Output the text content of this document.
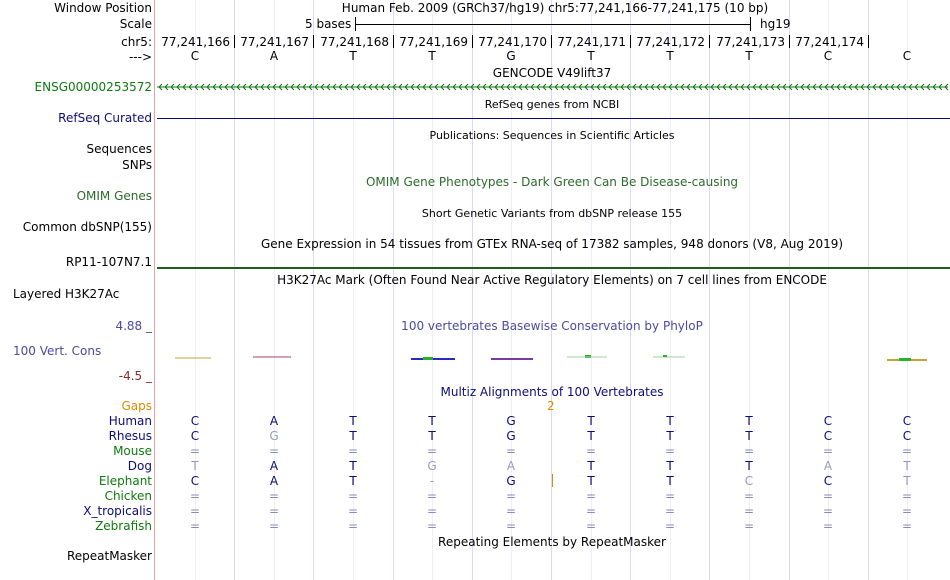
Window Position
Scale
chr5:
--->
ENSG00000253572
RefSeq Curated
Sequences
SNPs
OMIM Genes
Common dbSNP(155)
RP11-107N7.1
Layered H3K27Ac
4.88 _
100 Vert. Cons
-4.5 _
Gaps
Human
Rhesus
Mouse
Dog
Elephant
Chicken
X_tropicalis
Zebrafish
RepeatMasker
Human Feb. 2009 (GRCh37/hg19) chr5:77,241,166-77,241,175 (10 bp)
5 bases	hg19
77,241,166 77,241,167 77,241,168 77,241,169 77,241,170 77,241,171 77,241,172 77,241,173 77,241,174
C	A	T	T	G	T	T	T	C	C
GENCODE V49lift37
RefSeq genes from NCBI
Publications: Sequences in Scientific Articles
OMIM Gene Phenotypes - Dark Green Can Be Disease-causing
Short Genetic Variants from dbSNP release 155
Gene Expression in 54 tissues from GTEx RNA-seq of 17382 samples, 948 donors (V8, Aug 2019)
H3K27Ac Mark (Often Found Near Active Regulatory Elements) on 7 cell lines from ENCODE
100 vertebrates Basewise Conservation by PhyloP
Multiz Alignments of 100 Vertebrates
2
C	A	T	T	G	T	T	T	C	C
C	G	T	T	G	T	T	T	C	C
=	=	=	=	=	=	=	=	=	=
T	A	T	G	A	T	T	T	A	T
C	A	T	-	G	T	T	C	C	T
=	=	=	=	=	=	=	=	=	=
=	=	=	=	=	=	=	=	=	=
=	=	=	=	=	=	=	=	=	=
Repeating Elements by RepeatMasker
